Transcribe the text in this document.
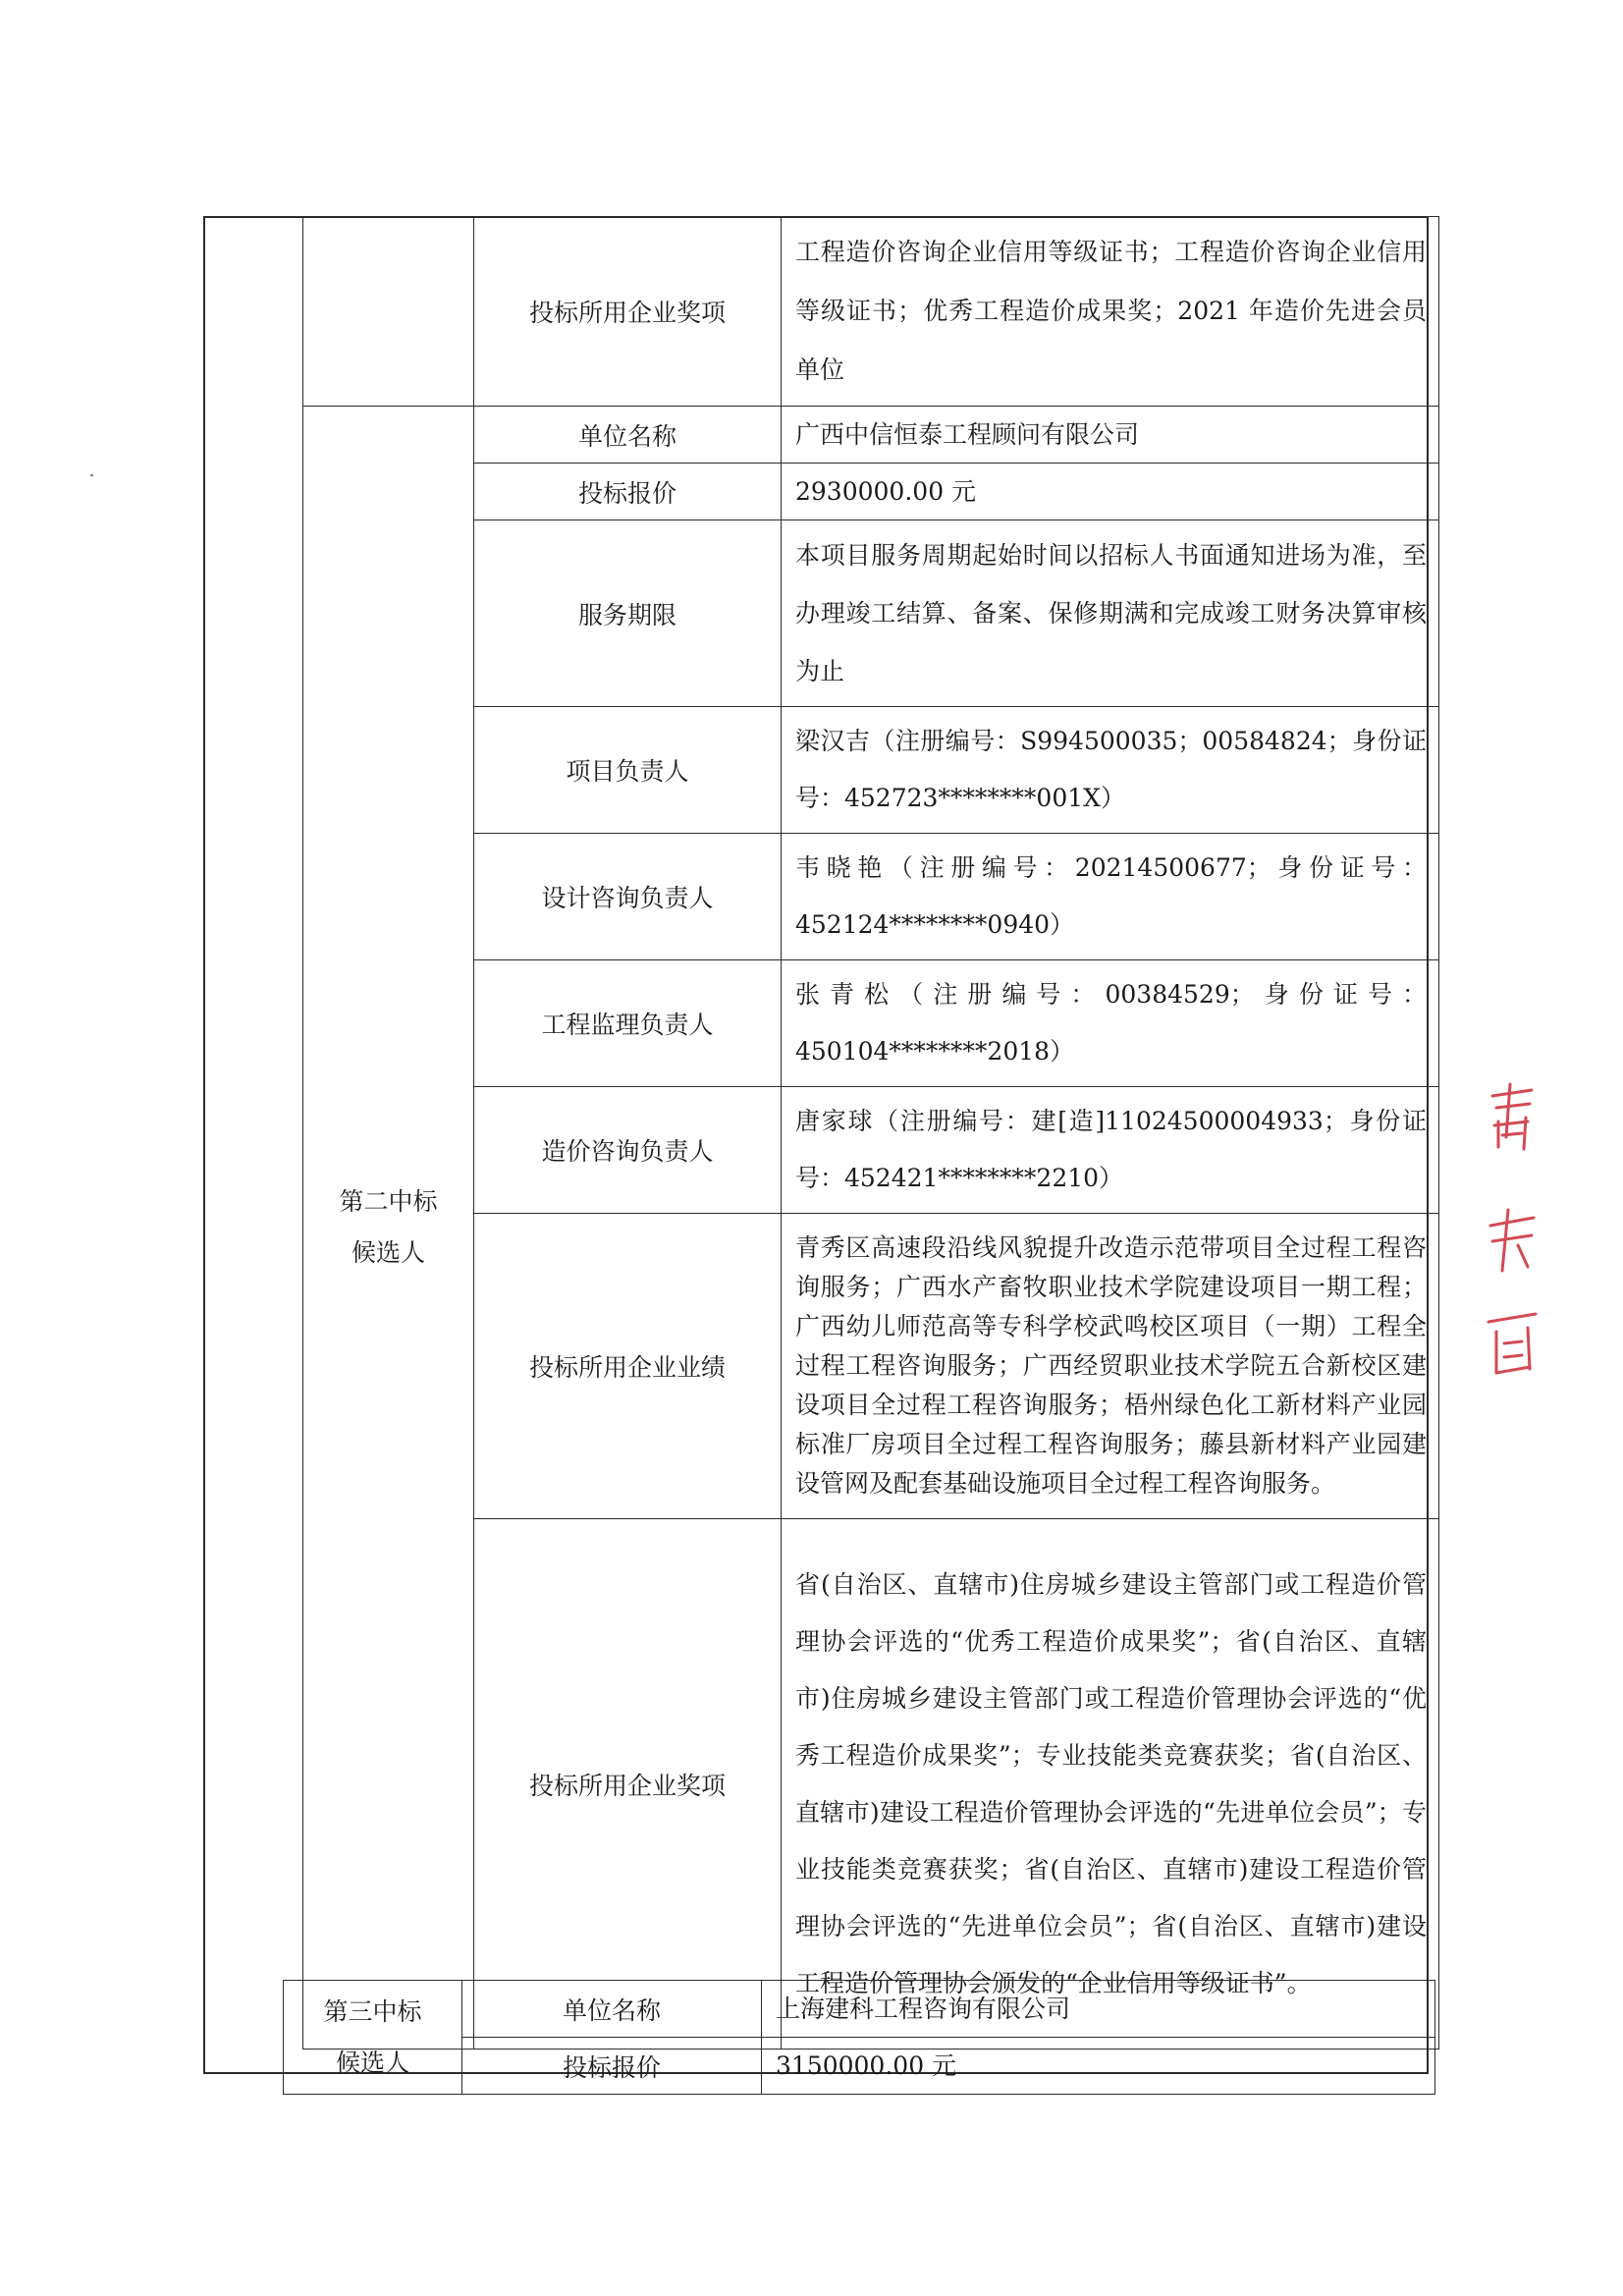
	投标所用企业奖项	工程造价咨询企业信用等级证书；工程造价咨询企业信用等级证书；优秀工程造价成果奖；2021 年造价先进会员单位

第二中标候选人	单位名称	广西中信恒泰工程顾问有限公司
	投标报价	2930000.00 元
	服务期限	本项目服务周期起始时间以招标人书面通知进场为准，至办理竣工结算、备案、保修期满和完成竣工财务决算审核为止
	项目负责人	梁汉吉（注册编号：S994500035；00584824；身份证号：452723********001X）
	设计咨询负责人	韦晓艳（注册编号：20214500677；身份证号：452124********0940）
	工程监理负责人	张青松（注册编号：00384529；身份证号：450104********2018）
	造价咨询负责人	唐家球（注册编号：建[造]11024500004933；身份证号：452421********2210）
	投标所用企业业绩	青秀区高速段沿线风貌提升改造示范带项目全过程工程咨询服务；广西水产畜牧职业技术学院建设项目一期工程；广西幼儿师范高等专科学校武鸣校区项目（一期）工程全过程工程咨询服务；广西经贸职业技术学院五合新校区建设项目全过程工程咨询服务；梧州绿色化工新材料产业园标准厂房项目全过程工程咨询服务；藤县新材料产业园建设管网及配套基础设施项目全过程工程咨询服务。
	投标所用企业奖项	省(自治区、直辖市)住房城乡建设主管部门或工程造价管理协会评选的“优秀工程造价成果奖”；省(自治区、直辖市)住房城乡建设主管部门或工程造价管理协会评选的“优秀工程造价成果奖”；专业技能类竞赛获奖；省(自治区、直辖市)建设工程造价管理协会评选的“先进单位会员”；专业技能类竞赛获奖；省(自治区、直辖市)建设工程造价管理协会评选的“先进单位会员”；省(自治区、直辖市)建设工程造价管理协会颁发的“企业信用等级证书”。
第三中标候选人	单位名称	上海建科工程咨询有限公司
	投标报价	3150000.00 元
